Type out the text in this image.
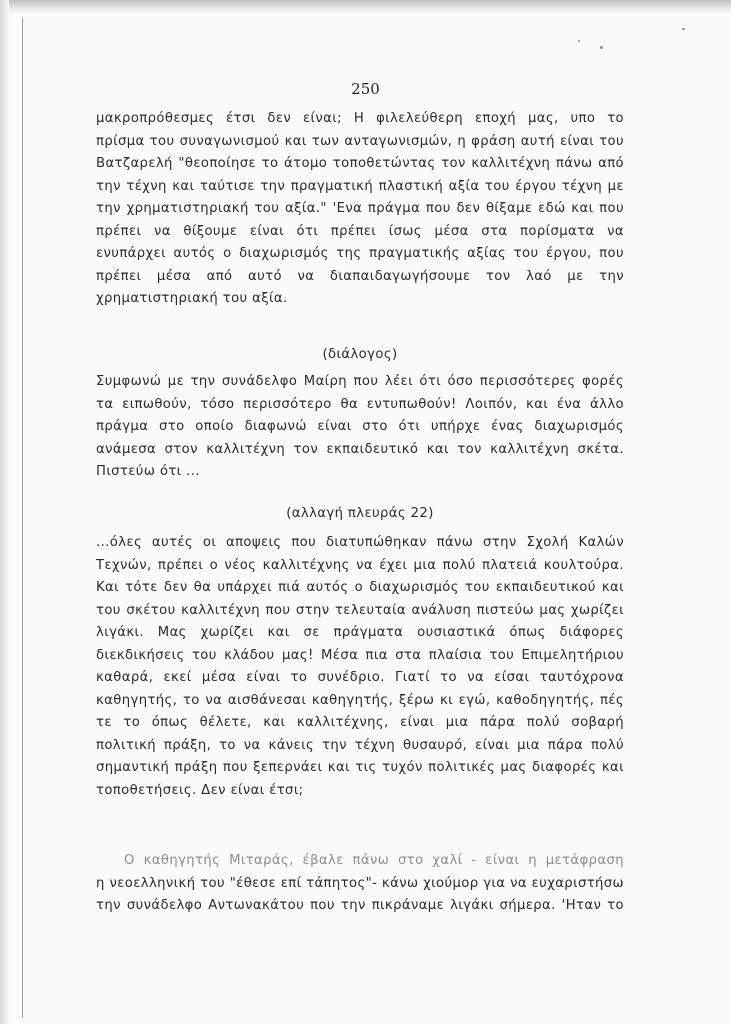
250
μακροπρόθεσμες έτσι δεν είναι; Η φιλελεύθερη εποχή μας, υπο το
πρίσμα του συναγωνισμού και των ανταγωνισμών, η φράση αυτή είναι του
Βατζαρελή "θεοποίησε το άτομο τοποθετώντας τον καλλιτέχνη πάνω από
την τέχνη και ταύτισε την πραγματική πλαστική αξία του έργου τέχνη με
την χρηματιστηριακή του αξία." 'Ενα πράγμα που δεν θίξαμε εδώ και που
πρέπει να θίξουμε είναι ότι πρέπει ίσως μέσα στα πορίσματα να
ενυπάρχει αυτός ο διαχωρισμός της πραγματικής αξίας του έργου, που
πρέπει μέσα από αυτό να διαπαιδαγωγήσουμε τον λαό με την
χρηματιστηριακή του αξία.
(διάλογος)
Συμφωνώ με την συνάδελφο Μαίρη που λέει ότι όσο περισσότερες φορές
τα ειπωθούν, τόσο περισσότερο θα εντυπωθούν! Λοιπόν, και ένα άλλο
πράγμα στο οποίο διαφωνώ είναι στο ότι υπήρχε ένας διαχωρισμός
ανάμεσα στον καλλιτέχνη τον εκπαιδευτικό και τον καλλιτέχνη σκέτα.
Πιστεύω ότι ...
(αλλαγή πλευράς 22)
...όλες αυτές οι αποψεις που διατυπώθηκαν πάνω στην Σχολή Καλών
Τεχνών, πρέπει ο νέος καλλιτέχνης να έχει μια πολύ πλατειά κουλτούρα.
Και τότε δεν θα υπάρχει πιά αυτός ο διαχωρισμός του εκπαιδευτικού και
του σκέτου καλλιτέχνη που στην τελευταία ανάλυση πιστεύω μας χωρίζει
λιγάκι. Μας χωρίζει και σε πράγματα ουσιαστικά όπως διάφορες
διεκδικήσεις του κλάδου μας! Μέσα πια στα πλαίσια του Επιμελητήριου
καθαρά, εκεί μέσα είναι το συνέδριο. Γιατί το να είσαι ταυτόχρονα
καθηγητής, το να αισθάνεσαι καθηγητής, ξέρω κι εγώ, καθοδηγητής, πές
τε το όπως θέλετε, και καλλιτέχνης, είναι μια πάρα πολύ σοβαρή
πολιτική πράξη, το να κάνεις την τέχνη θυσαυρό, είναι μια πάρα πολύ
σημαντική πράξη που ξεπερνάει και τις τυχόν πολιτικές μας διαφορές και
τοποθετήσεις. Δεν είναι έτσι;
Ο καθηγητής Μιταράς, έβαλε πάνω στο χαλί - είναι η μετάφραση
η νεοελληνική του "έθεσε επί τάπητος"- κάνω χιούμορ για να ευχαριστήσω
την συνάδελφο Αντωνακάτου που την πικράναμε λιγάκι σήμερα. 'Ηταν το
